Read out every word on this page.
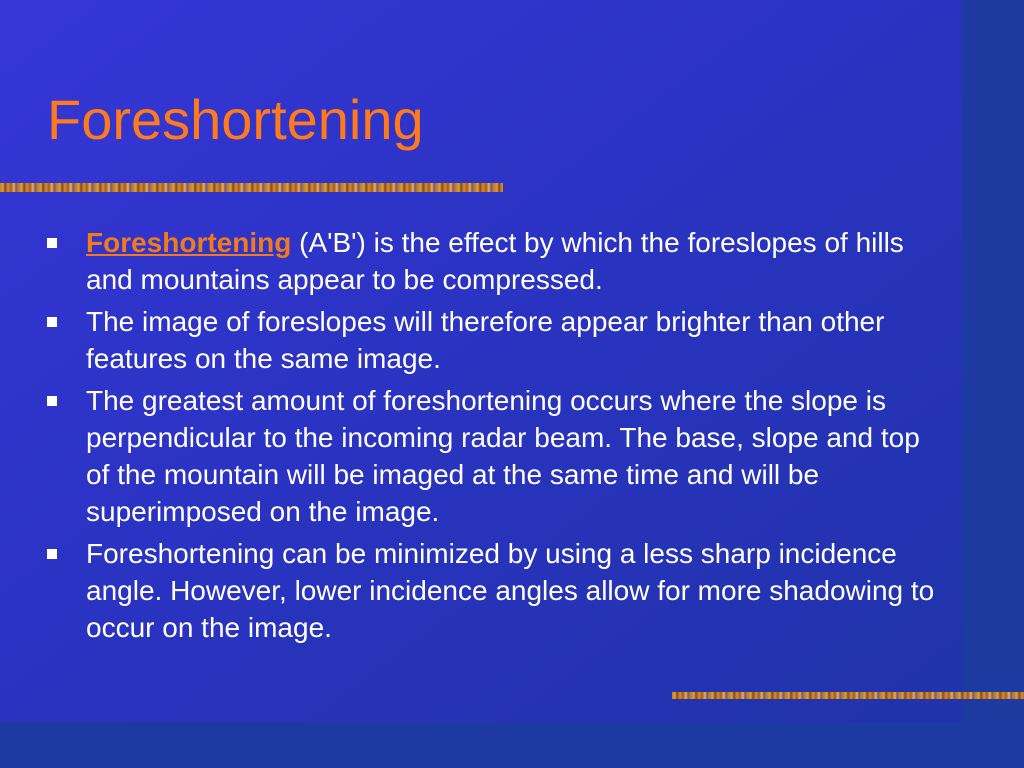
Foreshortening
Foreshortening (A'B') is the effect by which the foreslopes of hills and mountains appear to be compressed.
The image of foreslopes will therefore appear brighter than other features on the same image.
The greatest amount of foreshortening occurs where the slope is perpendicular to the incoming radar beam. The base, slope and top of the mountain will be imaged at the same time and will be superimposed on the image.
Foreshortening can be minimized by using a less sharp incidence angle. However, lower incidence angles allow for more shadowing to occur on the image.
